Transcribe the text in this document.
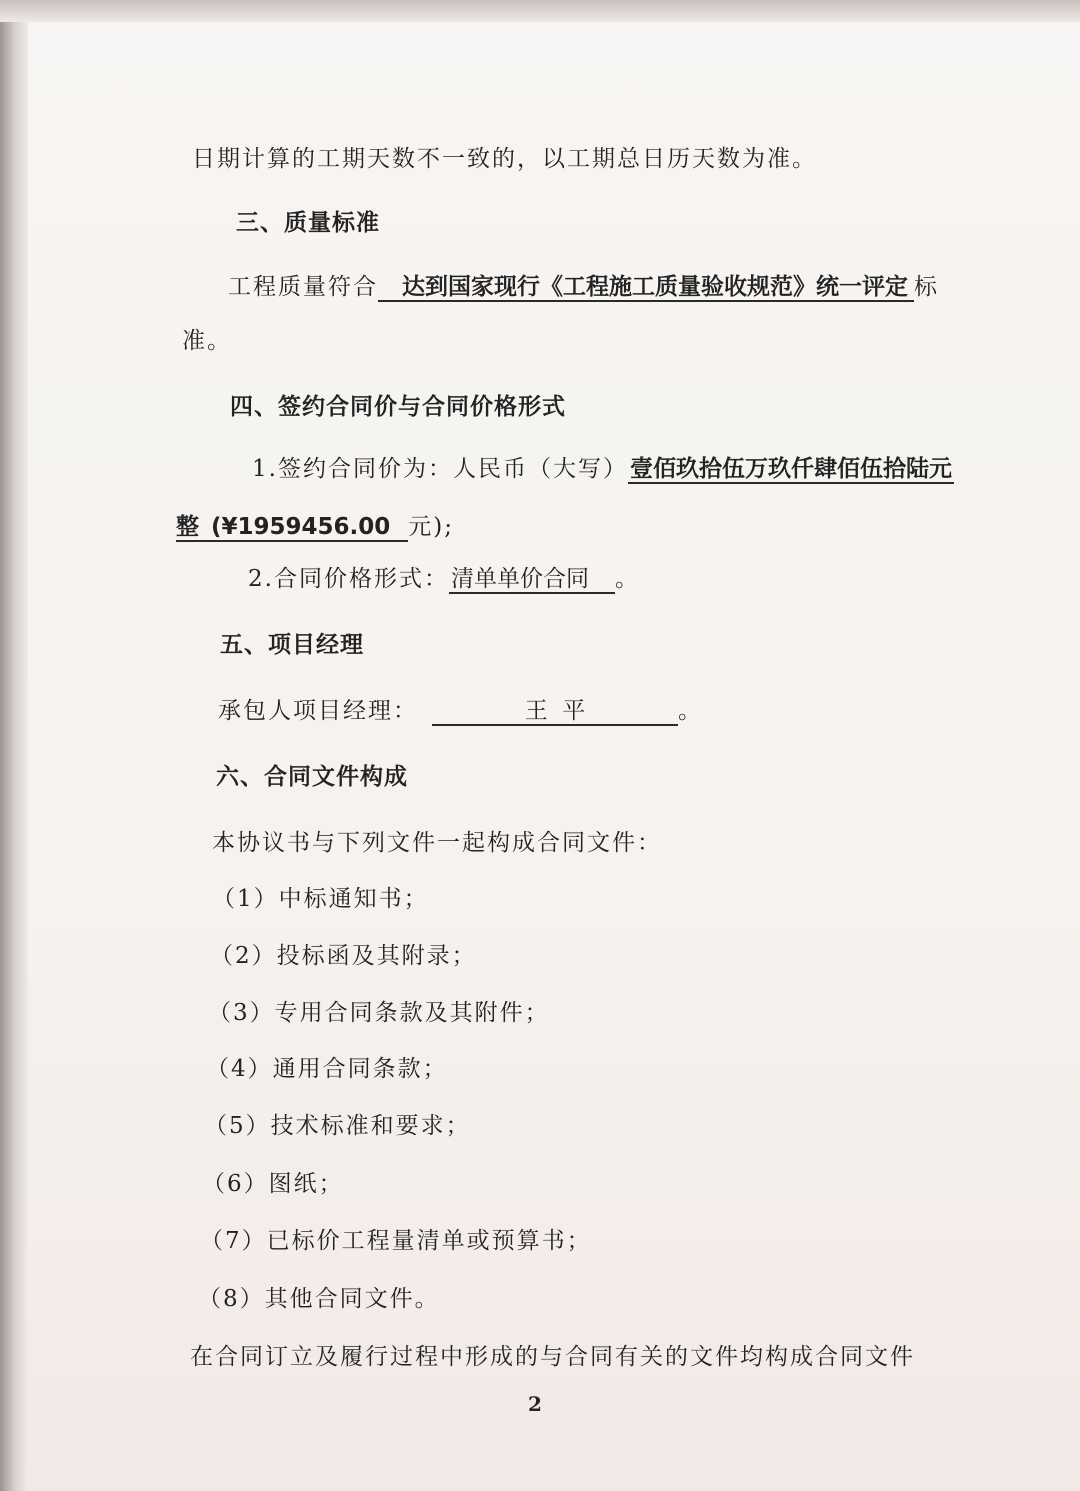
日期计算的工期天数不一致的，以工期总日历天数为准。
三、质量标准
工程质量符合 达到国家现行《工程施工质量验收规范》统一评定 标
准。
四、签约合同价与合同价格形式
1.签约合同价为：人民币（大写）壹佰玖拾伍万玖仟肆佰伍拾陆元
整 (¥1959456.00 元);
2.合同价格形式：清单单价合同 。
五、项目经理
承包人项目经理：	王  平	。
六、合同文件构成
本协议书与下列文件一起构成合同文件：
（1）中标通知书；
（2）投标函及其附录；
（3）专用合同条款及其附件；
（4）通用合同条款；
（5）技术标准和要求；
（6）图纸；
（7）已标价工程量清单或预算书；
（8）其他合同文件。
在合同订立及履行过程中形成的与合同有关的文件均构成合同文件
2
